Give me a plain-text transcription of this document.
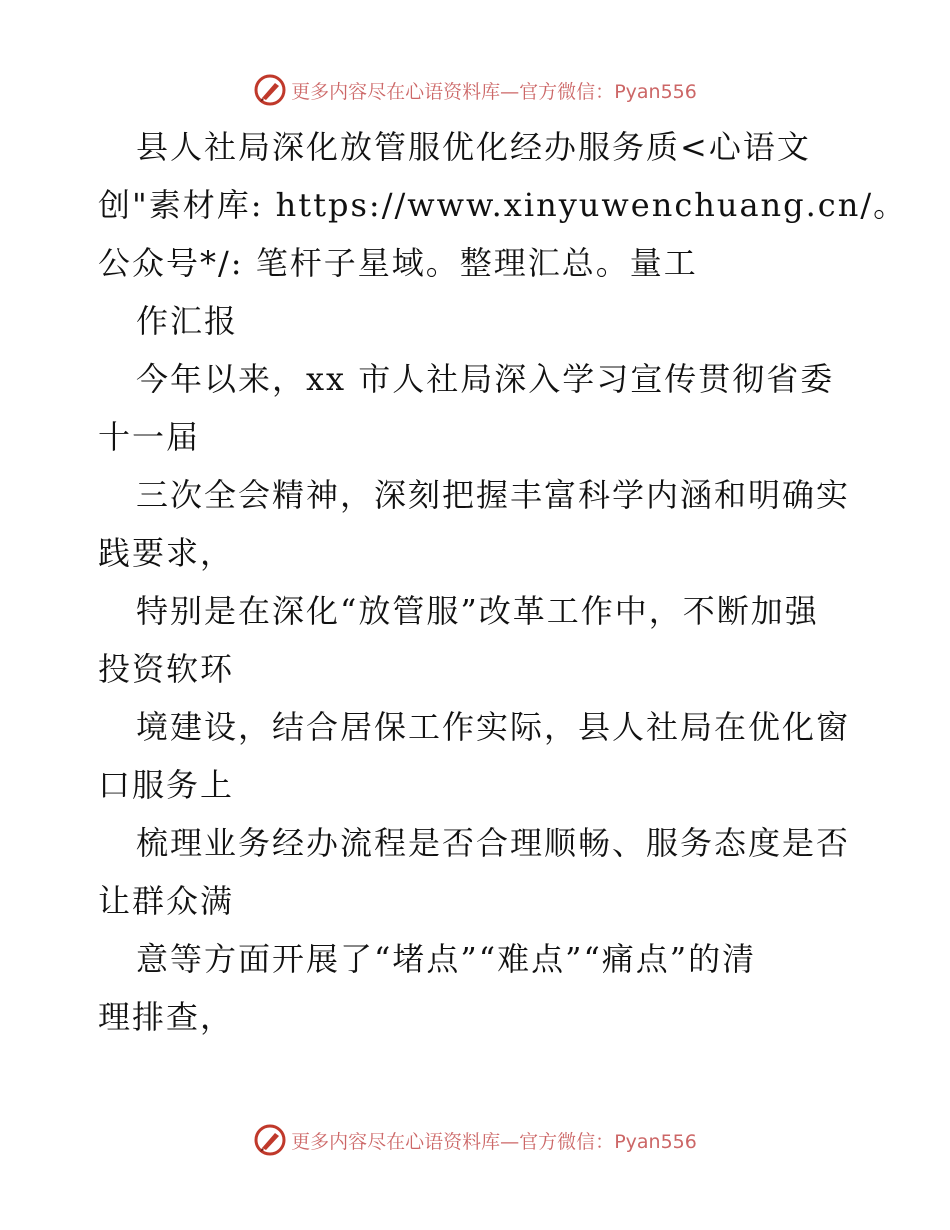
更多内容尽在心语资料库—官方微信：Pyan556
县人社局深化放管服优化经办服务质<心语文
创"素材库: https://www.xinyuwenchuang.cn/。
公众号*/: 笔杆子星域。整理汇总。量工
作汇报
今年以来，xx 市人社局深入学习宣传贯彻省委
十一届
三次全会精神，深刻把握丰富科学内涵和明确实
践要求，
特别是在深化“放管服”改革工作中，不断加强
投资软环
境建设，结合居保工作实际，县人社局在优化窗
口服务上
梳理业务经办流程是否合理顺畅、服务态度是否
让群众满
意等方面开展了“堵点”“难点”“痛点”的清
理排查，
更多内容尽在心语资料库—官方微信：Pyan556
